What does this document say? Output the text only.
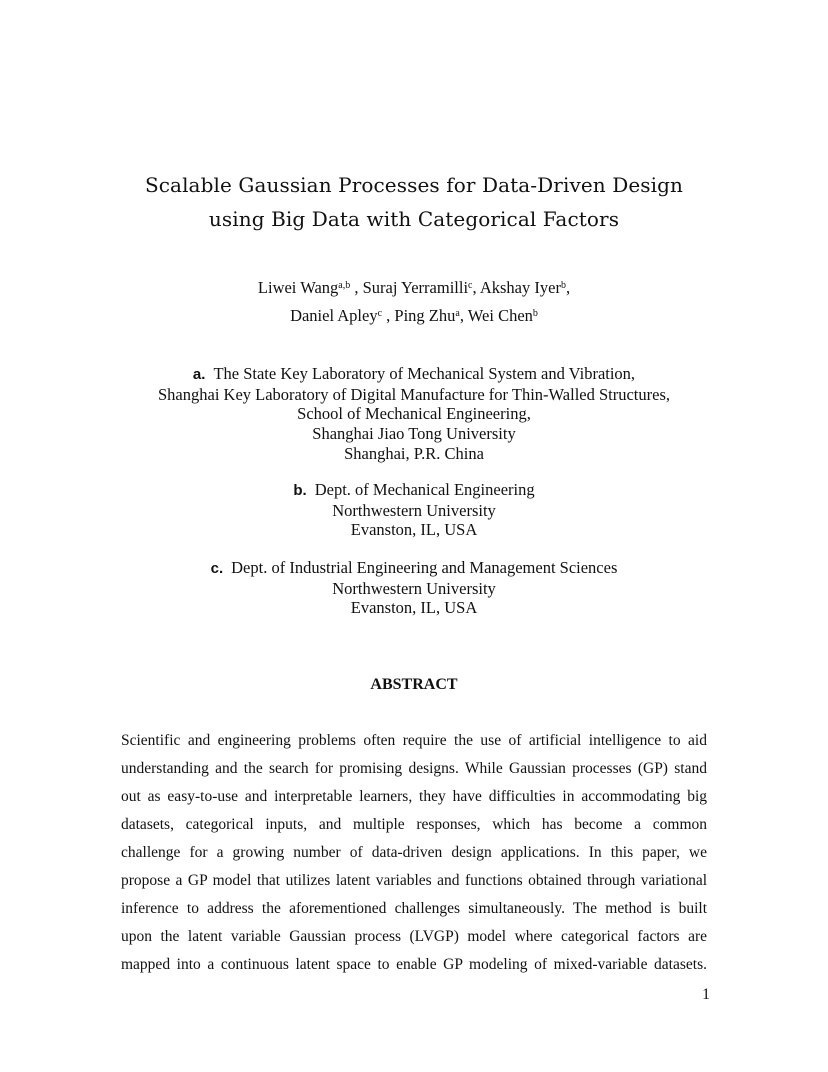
Scalable Gaussian Processes for Data-Driven Design
using Big Data with Categorical Factors
Liwei Wang$^{a,b}$ , Suraj Yerramilli$^c$, Akshay Iyer$^b$,
Daniel Apley$^c$ , Ping Zhu$^a$, Wei Chen$^b$
a. The State Key Laboratory of Mechanical System and Vibration,
Shanghai Key Laboratory of Digital Manufacture for Thin-Walled Structures,
School of Mechanical Engineering,
Shanghai Jiao Tong University
Shanghai, P.R. China
b. Dept. of Mechanical Engineering
Northwestern University
Evanston, IL, USA
c. Dept. of Industrial Engineering and Management Sciences
Northwestern University
Evanston, IL, USA
ABSTRACT
Scientific and engineering problems often require the use of artificial intelligence to aid
understanding and the search for promising designs. While Gaussian processes (GP) stand
out as easy-to-use and interpretable learners, they have difficulties in accommodating big
datasets, categorical inputs, and multiple responses, which has become a common
challenge for a growing number of data-driven design applications. In this paper, we
propose a GP model that utilizes latent variables and functions obtained through variational
inference to address the aforementioned challenges simultaneously. The method is built
upon the latent variable Gaussian process (LVGP) model where categorical factors are
mapped into a continuous latent space to enable GP modeling of mixed-variable datasets.
1
